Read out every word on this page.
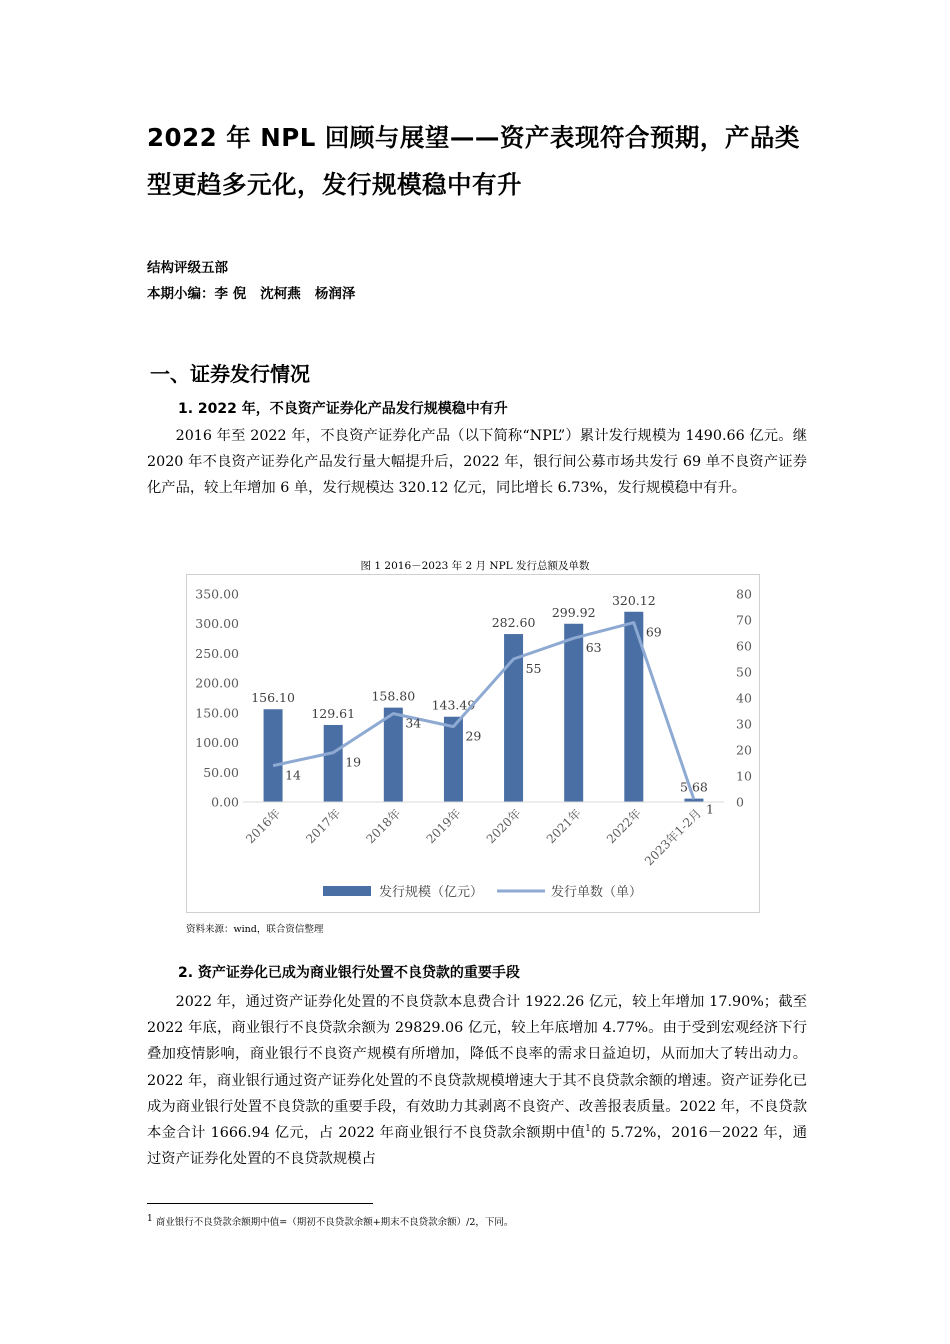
2022 年 NPL 回顾与展望——资产表现符合预期，产品类型更趋多元化，发行规模稳中有升
结构评级五部
本期小编：李 倪   沈柯燕   杨润泽
一、证券发行情况
1. 2022 年，不良资产证券化产品发行规模稳中有升

2016 年至 2022 年，不良资产证券化产品（以下简称“NPL”）累计发行规模为 1490.66 亿元。继 2020 年不良资产证券化产品发行量大幅提升后，2022 年，银行间公募市场共发行 69 单不良资产证券化产品，较上年增加 6 单，发行规模达 320.12 亿元，同比增长 6.73%，发行规模稳中有升。

图 1 2016－2023 年 2 月 NPL 发行总额及单数
0.00
50.00
100.00
150.00
200.00
250.00
300.00
350.00
0
10
20
30
40
50
60
70
80
156.10
129.61
158.80
143.49
282.60
299.92
320.12
5.68
14
19
34
29
55
63
69
1
2016年 2017年 2018年 2019年 2020年 2021年 2022年
2023年1-2月
发行规模（亿元）	发行单数（单）
资料来源：wind，联合资信整理
2. 资产证券化已成为商业银行处置不良贷款的重要手段

2022 年，通过资产证券化处置的不良贷款本息费合计 1922.26 亿元，较上年增加 17.90%；截至 2022 年底，商业银行不良贷款余额为 29829.06 亿元，较上年底增加 4.77%。由于受到宏观经济下行叠加疫情影响，商业银行不良资产规模有所增加，降低不良率的需求日益迫切，从而加大了转出动力。2022 年，商业银行通过资产证券化处置的不良贷款规模增速大于其不良贷款余额的增速。资产证券化已成为商业银行处置不良贷款的重要手段，有效助力其剥离不良资产、改善报表质量。2022 年，不良贷款本金合计 1666.94 亿元，占 2022 年商业银行不良贷款余额期中值$^1$的 5.72%，2016－2022 年，通过资产证券化处置的不良贷款规模占

$^1$ 商业银行不良贷款余额期中值=（期初不良贷款余额+期末不良贷款余额）/2，下同。
